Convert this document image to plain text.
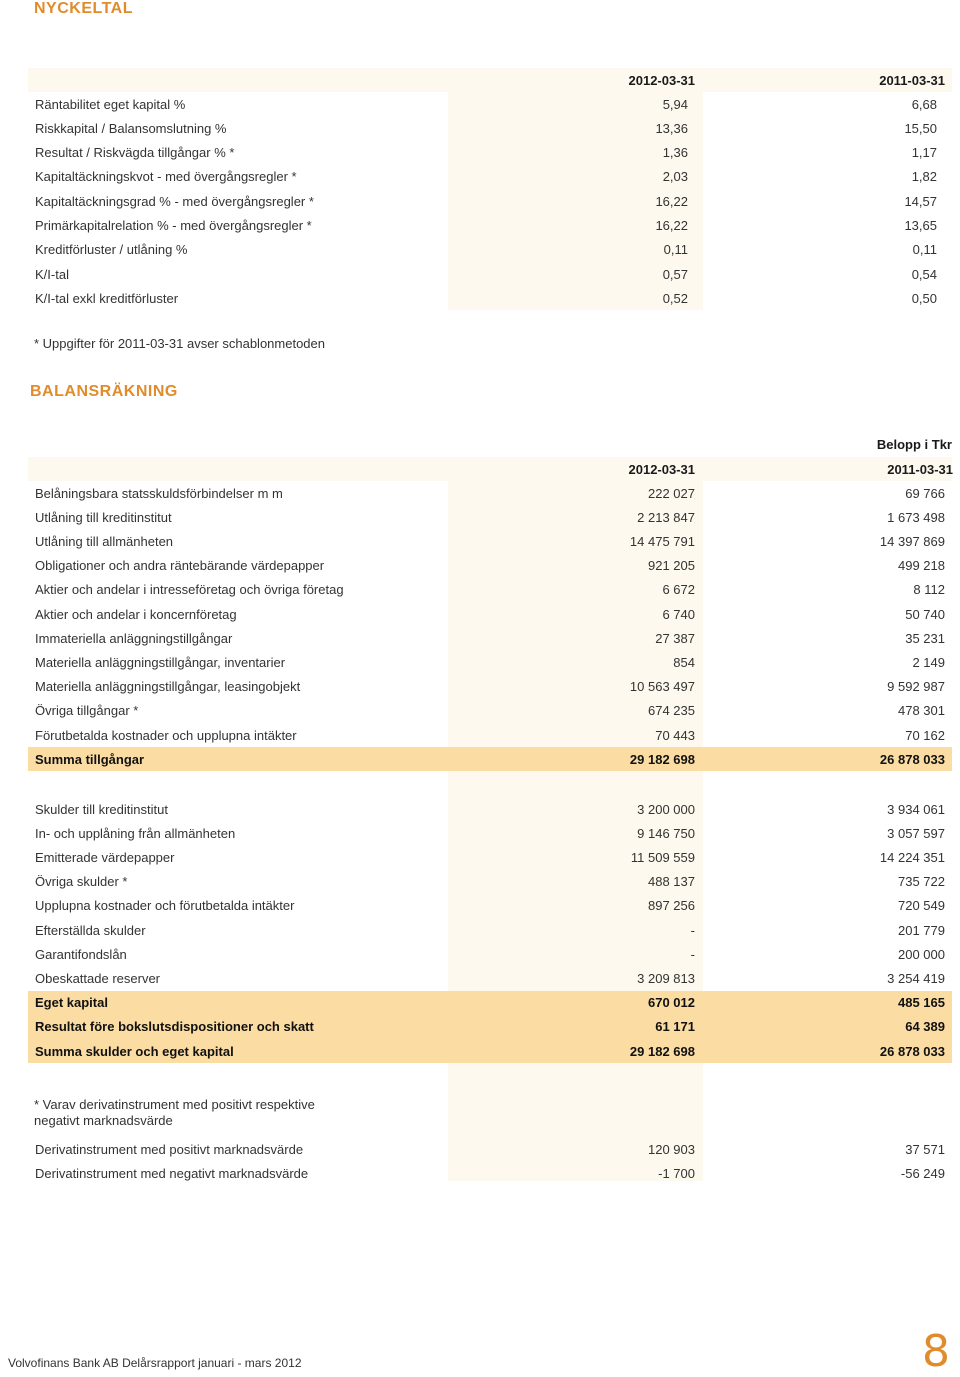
NYCKELTAL
2012-03-31	2011-03-31
Räntabilitet eget kapital %	5,94	6,68
Riskkapital / Balansomslutning %	13,36	15,50
Resultat / Riskvägda tillgångar % *	1,36	1,17
Kapitaltäckningskvot - med övergångsregler *	2,03	1,82
Kapitaltäckningsgrad % - med övergångsregler *	16,22	14,57
Primärkapitalrelation % - med övergångsregler *	16,22	13,65
Kreditförluster / utlåning %	0,11	0,11
K/I-tal	0,57	0,54
K/I-tal exkl kreditförluster	0,52	0,50
* Uppgifter för 2011-03-31 avser schablonmetoden
BALANSRÄKNING
Belopp i Tkr
2012-03-31	2011-03-31
Belåningsbara statsskuldsförbindelser m m	222 027	69 766
Utlåning till kreditinstitut	2 213 847	1 673 498
Utlåning till allmänheten	14 475 791	14 397 869
Obligationer och andra räntebärande värdepapper	921 205	499 218
Aktier och andelar i intresseföretag och övriga företag	6 672	8 112
Aktier och andelar i koncernföretag	6 740	50 740
Immateriella anläggningstillgångar	27 387	35 231
Materiella anläggningstillgångar, inventarier	854	2 149
Materiella anläggningstillgångar, leasingobjekt	10 563 497	9 592 987
Övriga tillgångar *	674 235	478 301
Förutbetalda kostnader och upplupna intäkter	70 443	70 162
Summa tillgångar	29 182 698	26 878 033
Skulder till kreditinstitut	3 200 000	3 934 061
In- och upplåning från allmänheten	9 146 750	3 057 597
Emitterade värdepapper	11 509 559	14 224 351
Övriga skulder *	488 137	735 722
Upplupna kostnader och förutbetalda intäkter	897 256	720 549
Efterställda skulder	-	201 779
Garantifondslån	-	200 000
Obeskattade reserver	3 209 813	3 254 419
Eget kapital	670 012	485 165
Resultat före bokslutsdispositioner och skatt	61 171	64 389
Summa skulder och eget kapital	29 182 698	26 878 033
* Varav derivatinstrument med positivt respektive negativt marknadsvärde
Derivatinstrument med positivt marknadsvärde	120 903	37 571
Derivatinstrument med negativt marknadsvärde	-1 700	-56 249
Volvofinans Bank AB Delårsrapport januari - mars 2012	8
